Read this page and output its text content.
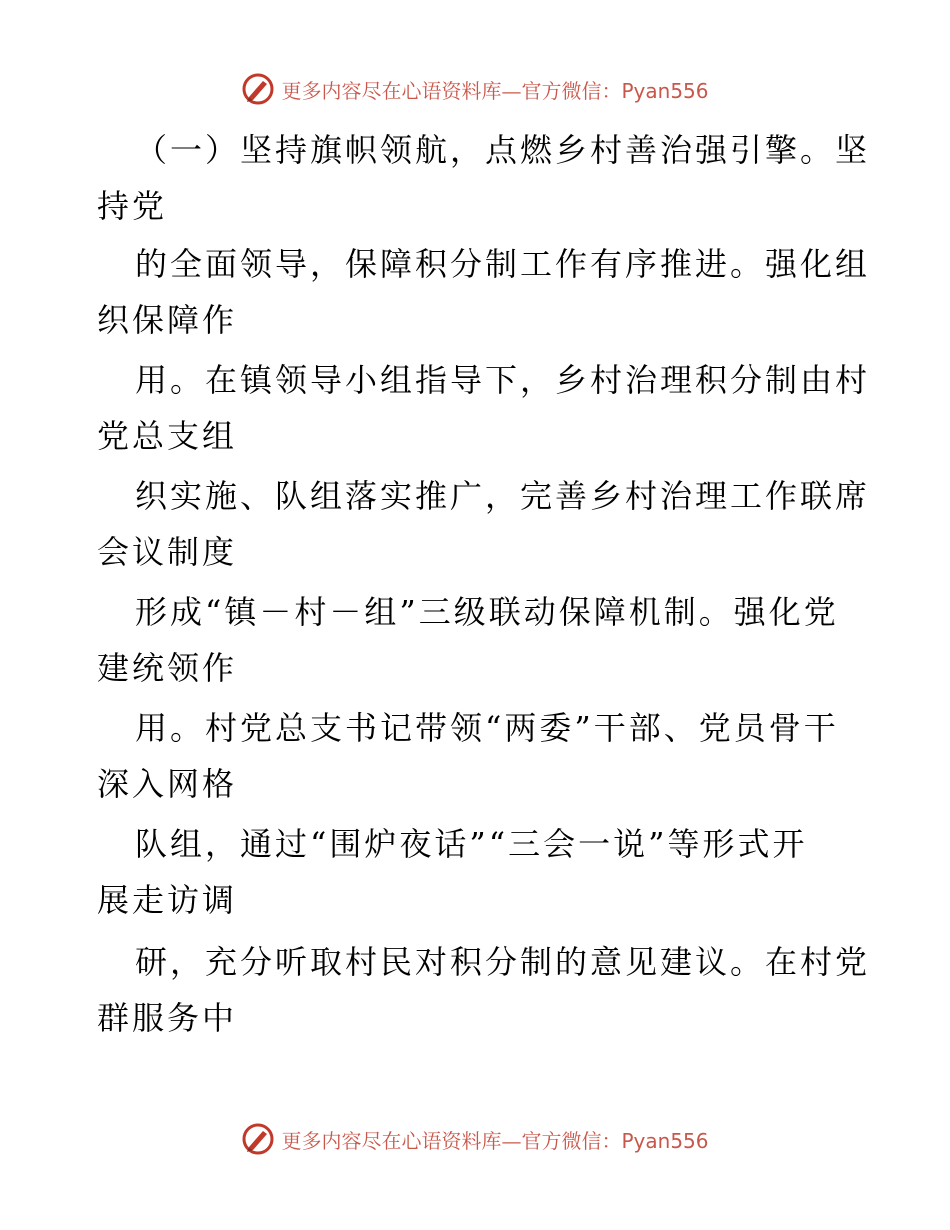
更多内容尽在心语资料库—官方微信：Pyan556
（一）坚持旗帜领航，点燃乡村善治强引擎。坚
持党
的全面领导，保障积分制工作有序推进。强化组
织保障作
用。在镇领导小组指导下，乡村治理积分制由村
党总支组
织实施、队组落实推广，完善乡村治理工作联席
会议制度
形成“镇－村－组”三级联动保障机制。强化党
建统领作
用。村党总支书记带领“两委”干部、党员骨干
深入网格
队组，通过“围炉夜话”“三会一说”等形式开
展走访调
研，充分听取村民对积分制的意见建议。在村党
群服务中
更多内容尽在心语资料库—官方微信：Pyan556
